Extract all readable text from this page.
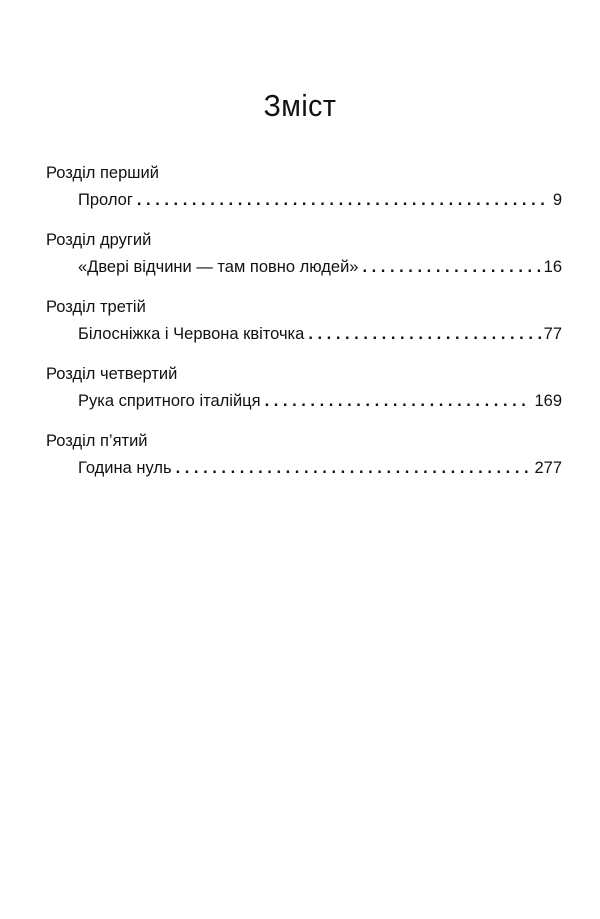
Зміст
Розділ перший
Пролог . . .	9
Розділ другий
«Двері відчини — там повно людей» . . .	16
Розділ третій
Білосніжка і Червона квіточка . . .	77
Розділ четвертий
Рука спритного італійця . . .	169
Розділ п’ятий
Година нуль . . .	277
